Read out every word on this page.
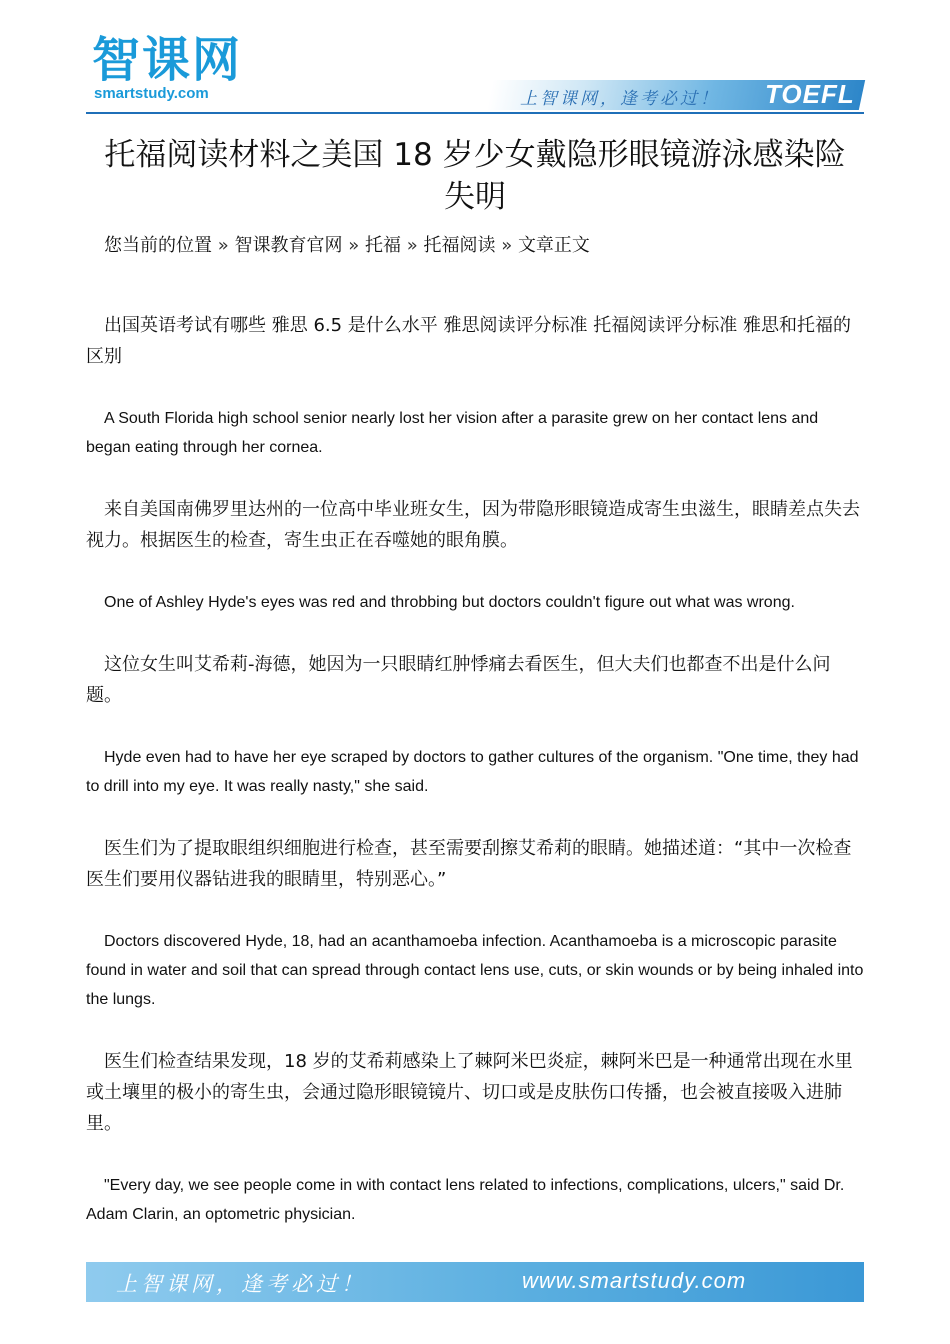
智课网
smartstudy.com	上智课网，逢考必过！ TOEFL
托福阅读材料之美国 18 岁少女戴隐形眼镜游泳感染险
失明

您当前的位置 » 智课教育官网 » 托福 » 托福阅读 » 文章正文

出国英语考试有哪些 雅思 6.5 是什么水平 雅思阅读评分标准 托福阅读评分标准 雅思和托福的区别

A South Florida high school senior nearly lost her vision after a parasite grew on her contact lens and began eating through her cornea.

来自美国南佛罗里达州的一位高中毕业班女生，因为带隐形眼镜造成寄生虫滋生，眼睛差点失去视力。根据医生的检查，寄生虫正在吞噬她的眼角膜。

One of Ashley Hyde's eyes was red and throbbing but doctors couldn't figure out what was wrong.

这位女生叫艾希莉-海德，她因为一只眼睛红肿悸痛去看医生，但大夫们也都查不出是什么问题。

Hyde even had to have her eye scraped by doctors to gather cultures of the organism. "One time, they had to drill into my eye. It was really nasty," she said.

医生们为了提取眼组织细胞进行检查，甚至需要刮擦艾希莉的眼睛。她描述道：“其中一次检查医生们要用仪器钻进我的眼睛里，特别恶心。”

Doctors discovered Hyde, 18, had an acanthamoeba infection. Acanthamoeba is a microscopic parasite found in water and soil that can spread through contact lens use, cuts, or skin wounds or by being inhaled into the lungs.

医生们检查结果发现，18 岁的艾希莉感染上了棘阿米巴炎症，棘阿米巴是一种通常出现在水里或土壤里的极小的寄生虫，会通过隐形眼镜镜片、切口或是皮肤伤口传播，也会被直接吸入进肺里。

"Every day, we see people come in with contact lens related to infections, complications, ulcers," said Dr. Adam Clarin, an optometric physician.

上智课网，逢考必过！	www.smartstudy.com
